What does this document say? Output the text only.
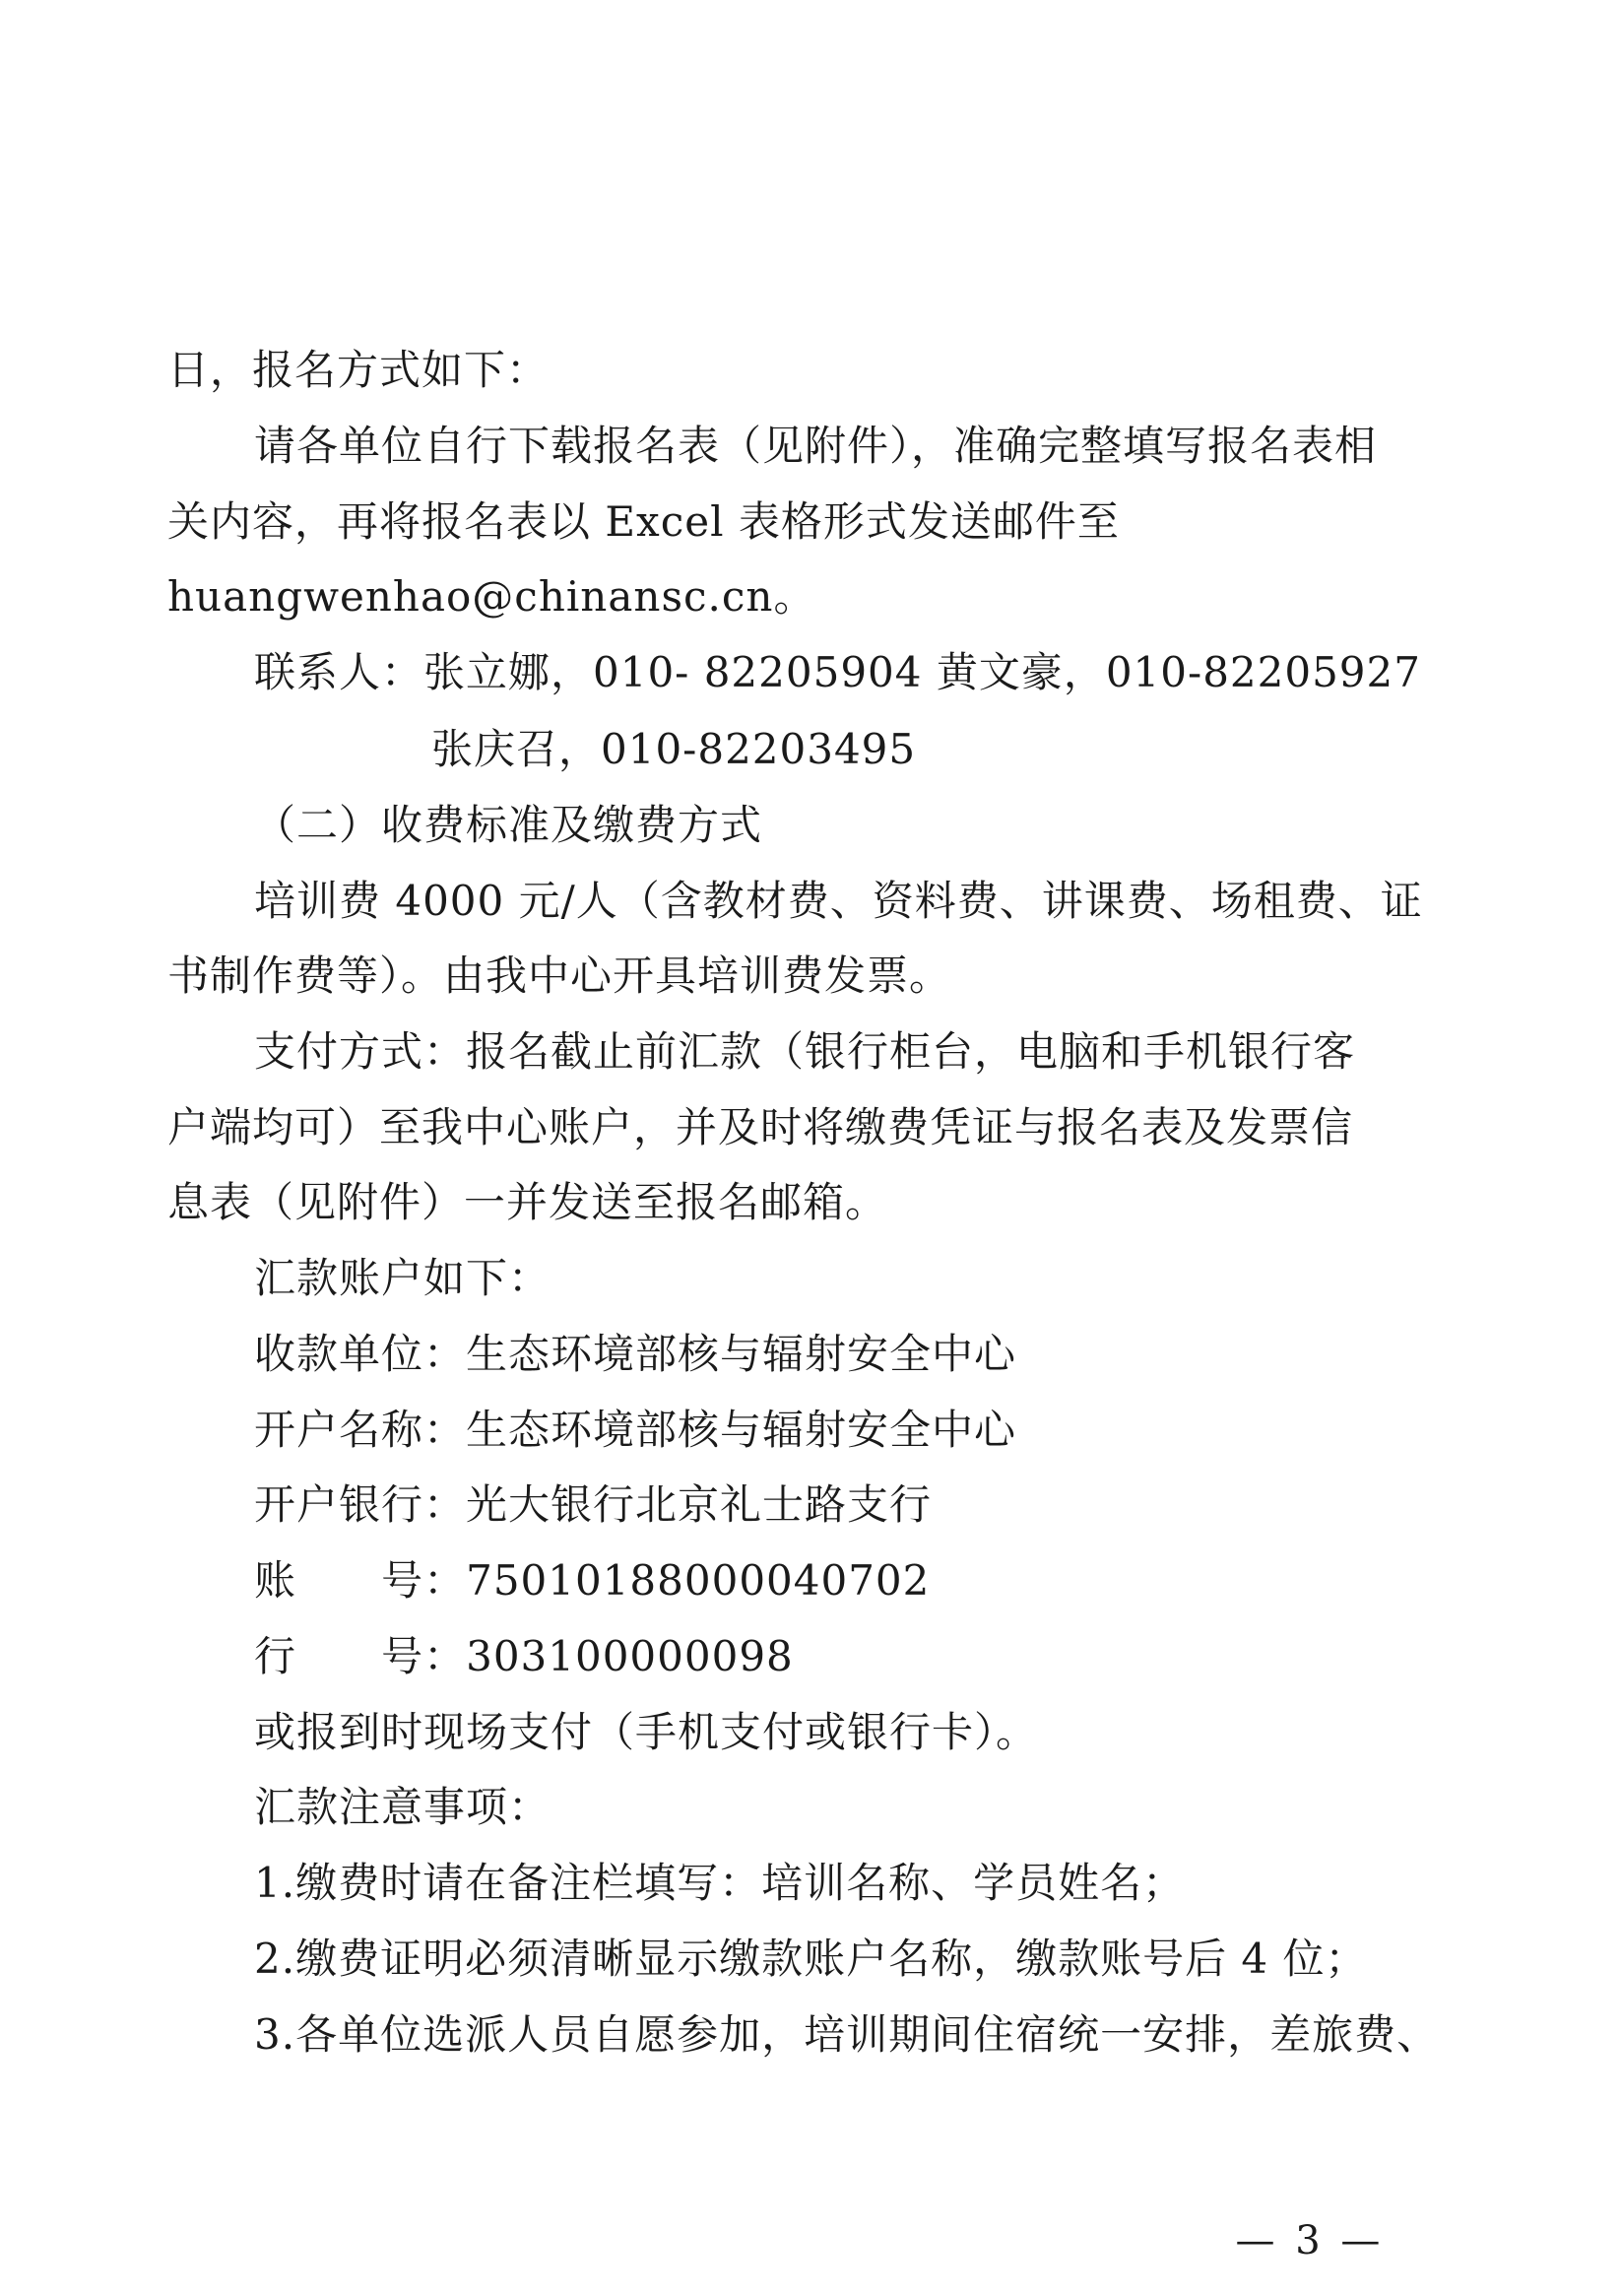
日，报名方式如下：
请各单位自行下载报名表（见附件），准确完整填写报名表相
关内容，再将报名表以 Excel 表格形式发送邮件至
huangwenhao@chinansc.cn。
联系人：张立娜，010- 82205904 黄文豪，010-82205927
张庆召，010-82203495
（二）收费标准及缴费方式
培训费 4000 元/人（含教材费、资料费、讲课费、场租费、证
书制作费等）。由我中心开具培训费发票。
支付方式：报名截止前汇款（银行柜台，电脑和手机银行客
户端均可）至我中心账户，并及时将缴费凭证与报名表及发票信
息表（见附件）一并发送至报名邮箱。
汇款账户如下：
收款单位：生态环境部核与辐射安全中心
开户名称：生态环境部核与辐射安全中心
开户银行：光大银行北京礼士路支行
账      号：75010188000040702
行      号：303100000098
或报到时现场支付（手机支付或银行卡）。
汇款注意事项：
1.缴费时请在备注栏填写：培训名称、学员姓名；
2.缴费证明必须清晰显示缴款账户名称，缴款账号后 4 位；
3.各单位选派人员自愿参加，培训期间住宿统一安排，差旅费、
— 3 —
